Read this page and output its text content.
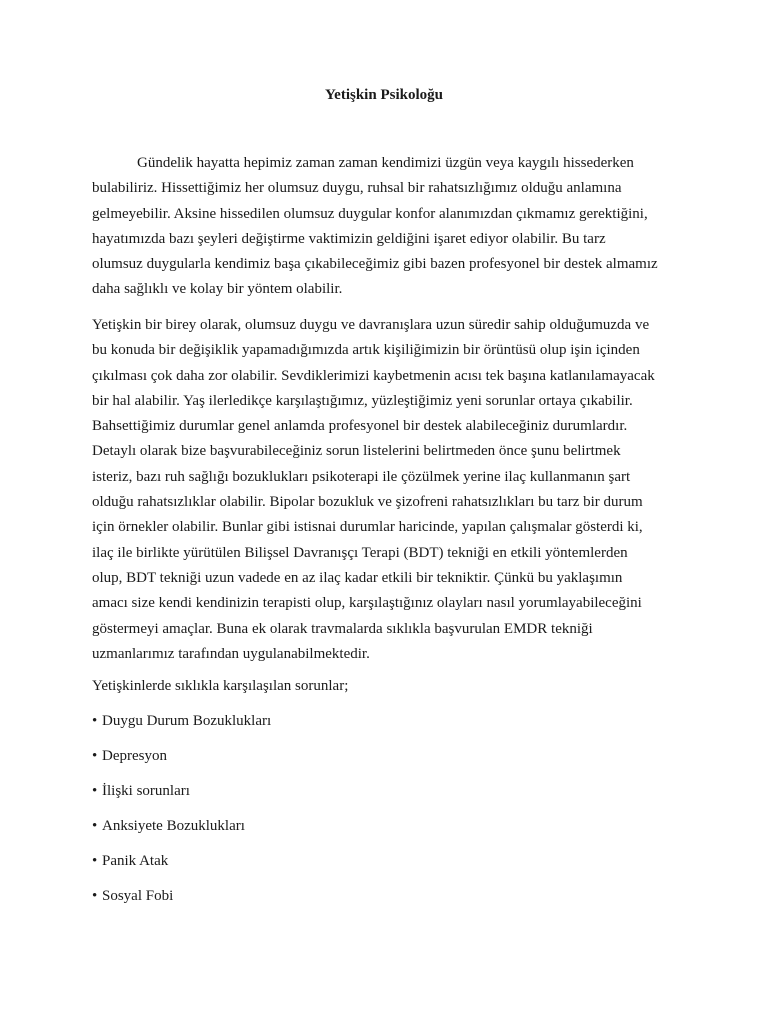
Yetişkin Psikoloğu

Gündelik hayatta hepimiz zaman zaman kendimizi üzgün veya kaygılı hissederken
bulabiliriz. Hissettiğimiz her olumsuz duygu, ruhsal bir rahatsızlığımız olduğu anlamına
gelmeyebilir. Aksine hissedilen olumsuz duygular konfor alanımızdan çıkmamız gerektiğini,
hayatımızda bazı şeyleri değiştirme vaktimizin geldiğini işaret ediyor olabilir. Bu tarz
olumsuz duygularla kendimiz başa çıkabileceğimiz gibi bazen profesyonel bir destek almamız
daha sağlıklı ve kolay bir yöntem olabilir.

Yetişkin bir birey olarak, olumsuz duygu ve davranışlara uzun süredir sahip olduğumuzda ve
bu konuda bir değişiklik yapamadığımızda artık kişiliğimizin bir örüntüsü olup işin içinden
çıkılması çok daha zor olabilir. Sevdiklerimizi kaybetmenin acısı tek başına katlanılamayacak
bir hal alabilir. Yaş ilerledikçe karşılaştığımız, yüzleştiğimiz yeni sorunlar ortaya çıkabilir.
Bahsettiğimiz durumlar genel anlamda profesyonel bir destek alabileceğiniz durumlardır.
Detaylı olarak bize başvurabileceğiniz sorun listelerini belirtmeden önce şunu belirtmek
isteriz, bazı ruh sağlığı bozuklukları psikoterapi ile çözülmek yerine ilaç kullanmanın şart
olduğu rahatsızlıklar olabilir. Bipolar bozukluk ve şizofreni rahatsızlıkları bu tarz bir durum
için örnekler olabilir. Bunlar gibi istisnai durumlar haricinde, yapılan çalışmalar gösterdi ki,
ilaç ile birlikte yürütülen Bilişsel Davranışçı Terapi (BDT) tekniği en etkili yöntemlerden
olup, BDT tekniği uzun vadede en az ilaç kadar etkili bir tekniktir. Çünkü bu yaklaşımın
amacı size kendi kendinizin terapisti olup, karşılaştığınız olayları nasıl yorumlayabileceğini
göstermeyi amaçlar. Buna ek olarak travmalarda sıklıkla başvurulan EMDR tekniği
uzmanlarımız tarafından uygulanabilmektedir.

Yetişkinlerde sıklıkla karşılaşılan sorunlar;
• Duygu Durum Bozuklukları
• Depresyon
• İlişki sorunları
• Anksiyete Bozuklukları
• Panik Atak
• Sosyal Fobi
